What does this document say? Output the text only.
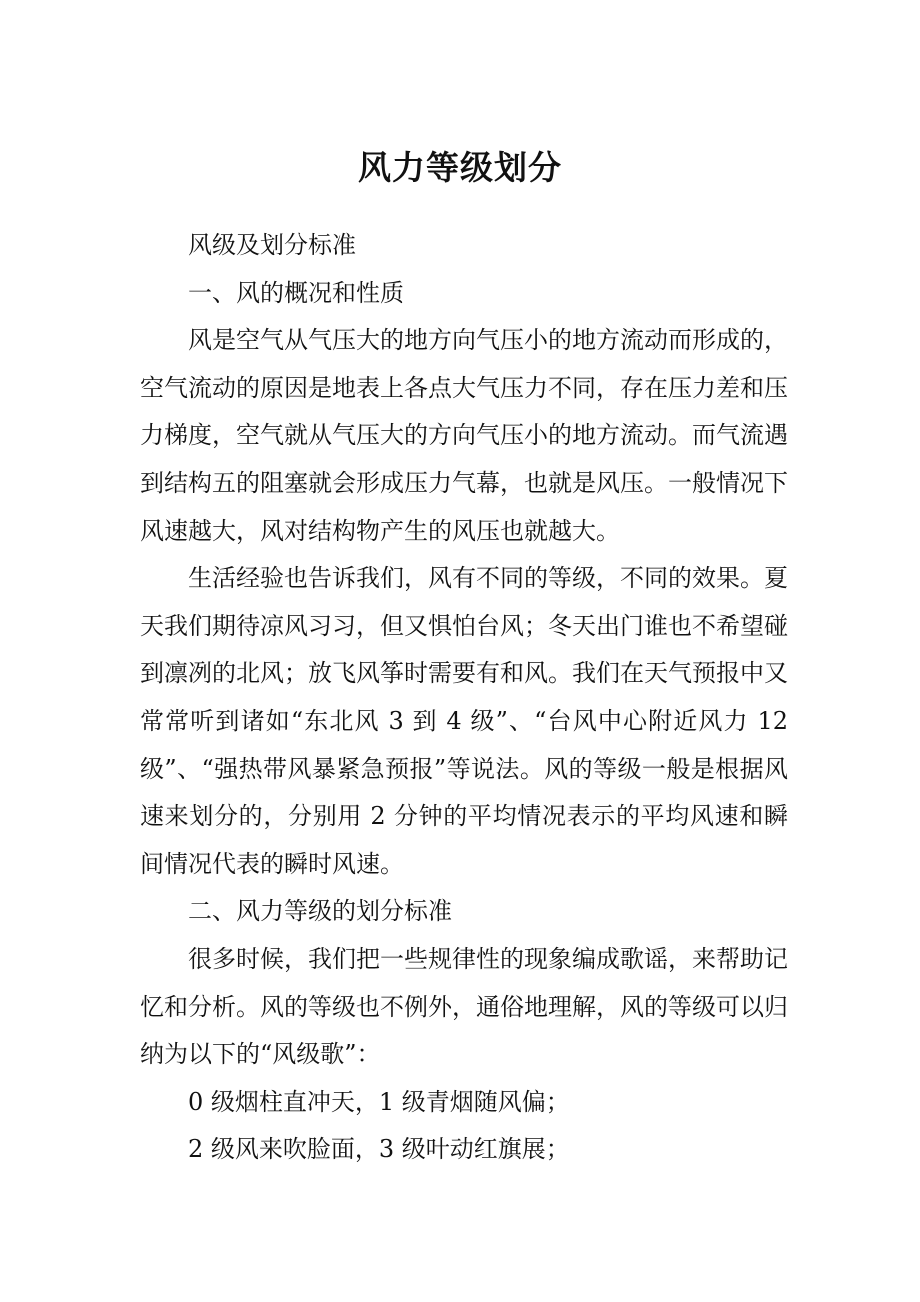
风力等级划分

风级及划分标准

一、风的概况和性质

风是空气从气压大的地方向气压小的地方流动而形成的，空气流动的原因是地表上各点大气压力不同，存在压力差和压力梯度，空气就从气压大的方向气压小的地方流动。而气流遇到结构五的阻塞就会形成压力气幕，也就是风压。一般情况下风速越大，风对结构物产生的风压也就越大。

生活经验也告诉我们，风有不同的等级，不同的效果。夏天我们期待凉风习习，但又惧怕台风；冬天出门谁也不希望碰到凛冽的北风；放飞风筝时需要有和风。我们在天气预报中又常常听到诸如“东北风 3 到 4 级”、“台风中心附近风力 12 级”、“强热带风暴紧急预报”等说法。风的等级一般是根据风速来划分的，分别用 2 分钟的平均情况表示的平均风速和瞬间情况代表的瞬时风速。

二、风力等级的划分标准

很多时候，我们把一些规律性的现象编成歌谣，来帮助记忆和分析。风的等级也不例外，通俗地理解，风的等级可以归纳为以下的“风级歌”：

0 级烟柱直冲天，1 级青烟随风偏；

2 级风来吹脸面，3 级叶动红旗展；
